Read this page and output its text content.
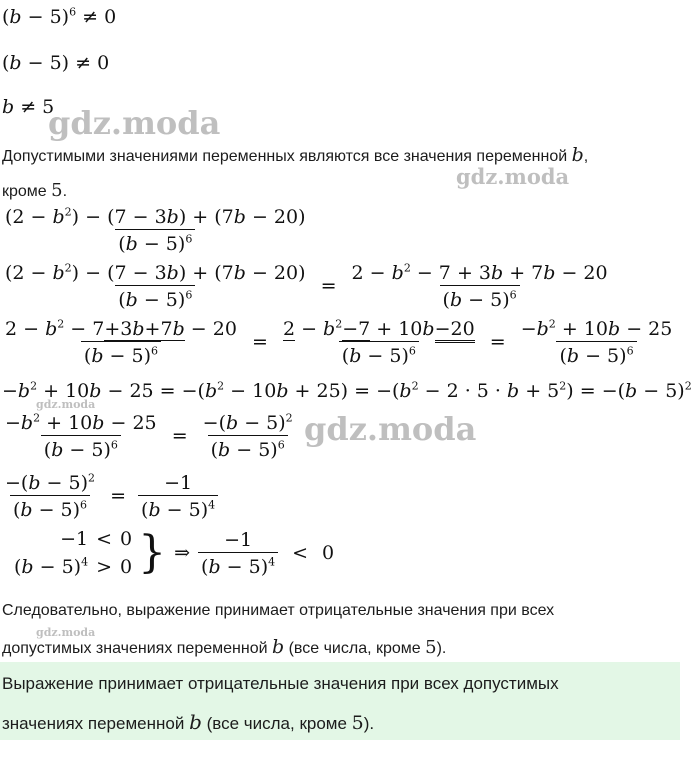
gdz.moda
gdz.moda
gdz.moda
gdz.moda
gdz.moda
$(b - 5)^6 \ne 0$
(b − 5) ≠ 0
b ≠ 5
Допустимыми значениями переменных являются все значения переменной b,
кроме 5.
$\frac{(2 - b^2) - (7 - 3b) + (7b - 20)}{(b - 5)^6}$
$\frac{(2 - b^2) - (7 - 3b) + (7b - 20)}{(b - 5)^6} = \frac{2 - b^2 - 7 + 3b + 7b - 20}{(b - 5)^6}$
$\frac{2 - b^2 - 7+3b+7b - 20}{(b - 5)^6} = \frac{2 - b^2-7 + 10b-20}{(b - 5)^6} = \frac{-b^2 + 10b - 25}{(b - 5)^6}$
$-b^2 + 10b - 25 = -(b^2 - 10b + 25) = -(b^2 - 2 \cdot 5 \cdot b + 5^2) = -(b - 5)^2$
$\frac{-b^2 + 10b - 25}{(b - 5)^6} = \frac{-(b - 5)^2}{(b - 5)^6}$
$\frac{-(b - 5)^2}{(b - 5)^6} = \frac{-1}{(b - 5)^4}$
−1 < 0
$(b - 5)^4 > 0$ } ⇒ $\frac{-1}{(b - 5)^4} < 0$
Следовательно, выражение принимает отрицательные значения при всех
допустимых значениях переменной b (все числа, кроме 5).
Выражение принимает отрицательные значения при всех допустимых
значениях переменной b (все числа, кроме 5).
